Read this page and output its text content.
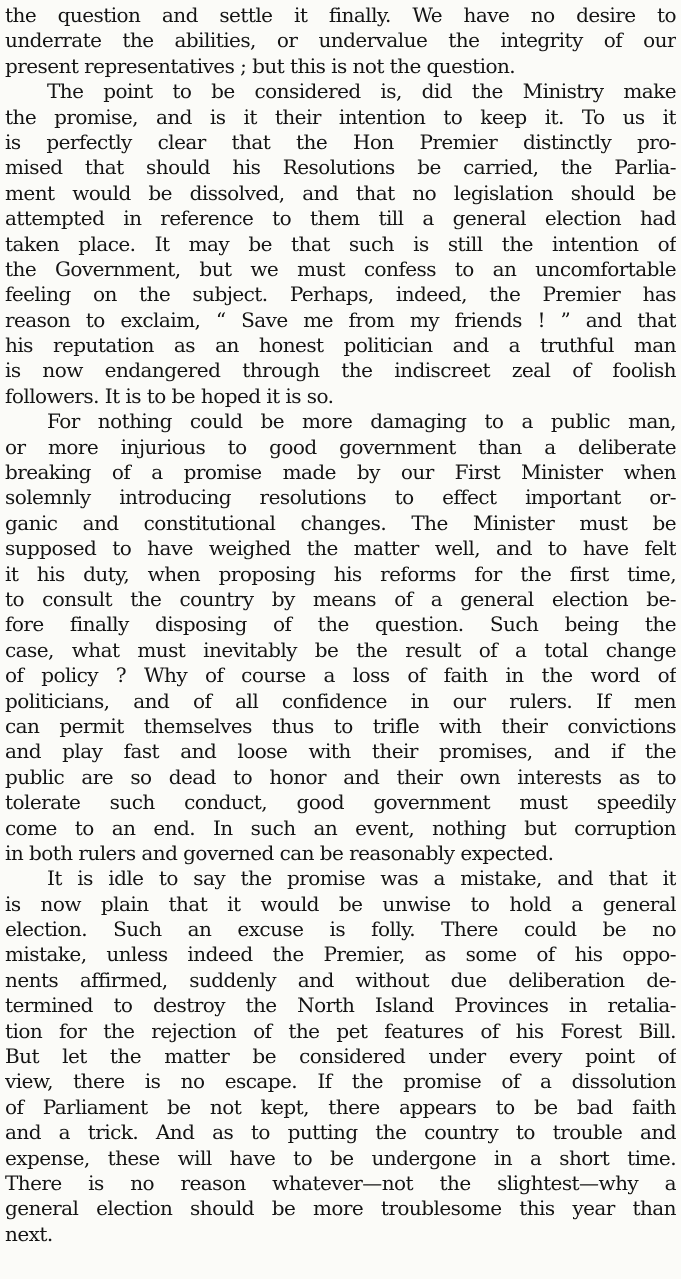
the question and settle it finally. We have no desire to
underrate the abilities, or undervalue the integrity of our
present representatives ; but this is not the question.
The point to be considered is, did the Ministry make
the promise, and is it their intention to keep it. To us it
is perfectly clear that the Hon Premier distinctly pro-
mised that should his Resolutions be carried, the Parlia-
ment would be dissolved, and that no legislation should be
attempted in reference to them till a general election had
taken place. It may be that such is still the intention of
the Government, but we must confess to an uncomfortable
feeling on the subject. Perhaps, indeed, the Premier has
reason to exclaim, “ Save me from my friends ! ” and that
his reputation as an honest politician and a truthful man
is now endangered through the indiscreet zeal of foolish
followers. It is to be hoped it is so.
For nothing could be more damaging to a public man,
or more injurious to good government than a deliberate
breaking of a promise made by our First Minister when
solemnly introducing resolutions to effect important or-
ganic and constitutional changes. The Minister must be
supposed to have weighed the matter well, and to have felt
it his duty, when proposing his reforms for the first time,
to consult the country by means of a general election be-
fore finally disposing of the question. Such being the
case, what must inevitably be the result of a total change
of policy ? Why of course a loss of faith in the word of
politicians, and of all confidence in our rulers. If men
can permit themselves thus to trifle with their convictions
and play fast and loose with their promises, and if the
public are so dead to honor and their own interests as to
tolerate such conduct, good government must speedily
come to an end. In such an event, nothing but corruption
in both rulers and governed can be reasonably expected.
It is idle to say the promise was a mistake, and that it
is now plain that it would be unwise to hold a general
election. Such an excuse is folly. There could be no
mistake, unless indeed the Premier, as some of his oppo-
nents affirmed, suddenly and without due deliberation de-
termined to destroy the North Island Provinces in retalia-
tion for the rejection of the pet features of his Forest Bill.
But let the matter be considered under every point of
view, there is no escape. If the promise of a dissolution
of Parliament be not kept, there appears to be bad faith
and a trick. And as to putting the country to trouble and
expense, these will have to be undergone in a short time.
There is no reason whatever—not the slightest—why a
general election should be more troublesome this year than
next.
